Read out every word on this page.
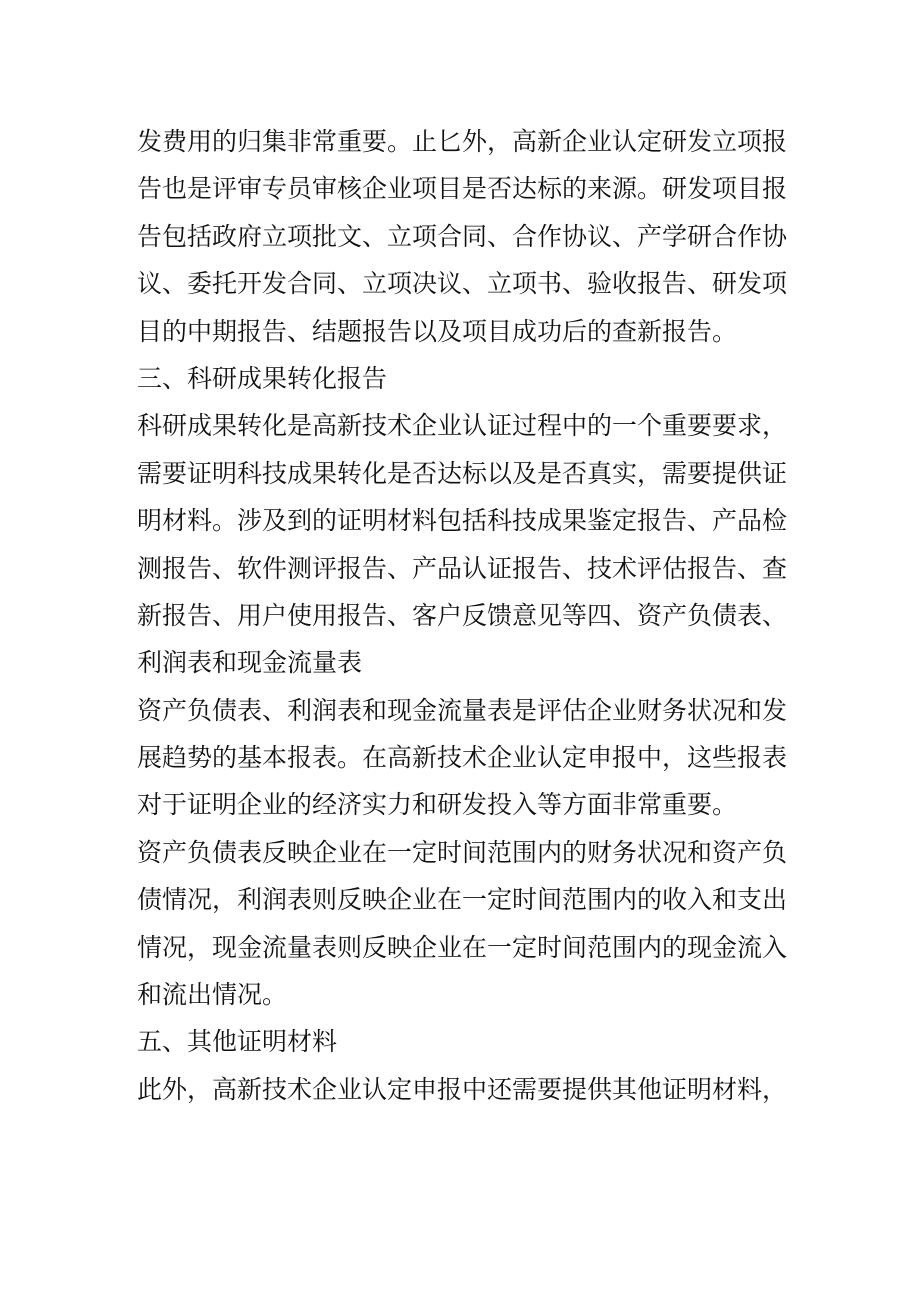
发费用的归集非常重要。止匕外，高新企业认定研发立项报
告也是评审专员审核企业项目是否达标的来源。研发项目报
告包括政府立项批文、立项合同、合作协议、产学研合作协
议、委托开发合同、立项决议、立项书、验收报告、研发项
目的中期报告、结题报告以及项目成功后的查新报告。
三、科研成果转化报告
科研成果转化是高新技术企业认证过程中的一个重要要求，
需要证明科技成果转化是否达标以及是否真实，需要提供证
明材料。涉及到的证明材料包括科技成果鉴定报告、产品检
测报告、软件测评报告、产品认证报告、技术评估报告、查
新报告、用户使用报告、客户反馈意见等四、资产负债表、
利润表和现金流量表
资产负债表、利润表和现金流量表是评估企业财务状况和发
展趋势的基本报表。在高新技术企业认定申报中，这些报表
对于证明企业的经济实力和研发投入等方面非常重要。
资产负债表反映企业在一定时间范围内的财务状况和资产负
债情况，利润表则反映企业在一定时间范围内的收入和支出
情况，现金流量表则反映企业在一定时间范围内的现金流入
和流出情况。
五、其他证明材料
此外，高新技术企业认定申报中还需要提供其他证明材料，
